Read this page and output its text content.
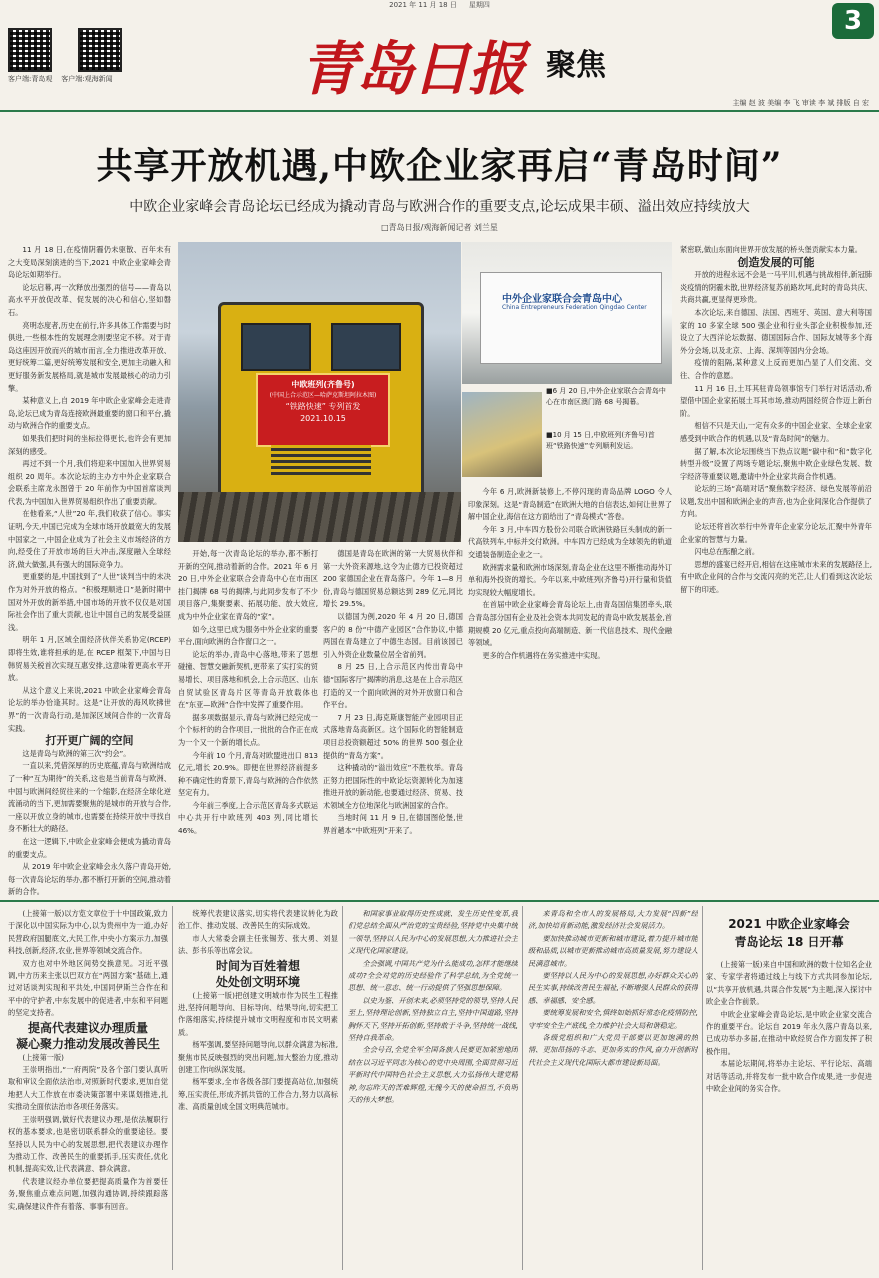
2021 年 11 月 18 日 星期四
客户端:青岛观 客户端:观海新闻	青岛日报 聚焦
3
主编 赵 波 美编 李 飞 审读 李 斌 排版 自 宏
共享开放机遇,中欧企业家再启“青岛时间”
中欧企业家峰会青岛论坛已经成为撬动青岛与欧洲合作的重要支点,论坛成果丰硕、溢出效应持续放大
□青岛日报/观海新闻记者 刘兰星

11 月 18 日,在疫情阴霾仍未驱散、百年未有之大变局深刻演进的当下,2021 中欧企业家峰会青岛论坛如期举行。

论坛启幕,再一次释放出强烈的信号——青岛以高水平开放促改革、促发展的决心和信心,坚如磐石。

亮明态度者,历史在前行,许多具体工作需要与时俱进,一些根本性的发展理念则要坚定不移。对于青岛这座因开放而兴的城市而言,全力推进改革开放、更好统筹二篇,更好统筹发展和安全,更加主动融入和更好服务新发展格局,就是城市发展最核心的动力引擎。

某种意义上,自 2019 年中欧企业家峰会走进青岛,论坛已成为青岛连接欧洲最重要的窗口和平台,撬动与欧洲合作的重要支点。

如果我们把时间的坐标拉得更长,也许会有更加深刻的感受。

再过不到一个月,我们将迎来中国加入世界贸易组织 20 周年。本次论坛的主办方中外企业家联合会联系主席龙永图曾于 20 年前作为中国首席谈判代表,为中国加入世界贸易组织作出了重要贡献。

在他看来,“人世”20 年,我们收获了信心。事实证明,今天,中国已完成为全球市场开放最宽大的发展中国家之一,中国企业成为了社会主义市场经济的方向,经受住了开放市场的巨大冲击,深度融入全球经济,做大做强,具有强大的国际竞争力。

更重要的是,中国找到了“人世”谈判当中的未决作为对外开放的格点。“积极理顺进口”是新时期中国对外开放的新举措,中国市场的开放不仅仅是对国际社会作出了重大贡献,也让中国自己的发展受益匪浅。

明年 1 月,区域全面经济伙伴关系协定(RCEP)即将生效,谁将担承的是,在 RCEP 框架下,中国与日韩贸易关税首次实现互惠安排,这意味着更高水平开放。

从这个意义上来说,2021 中欧企业家峰会青岛论坛的举办恰逢其时。这是“让开放的海风吹拂世界”的一次青岛行动,是加深区域间合作的一次青岛实践。

打开更广阔的空间

这是青岛与欧洲的第三次“约会”。

一直以来,凭借深厚的历史底蕴,青岛与欧洲结成了一种“互为期待”的关系,这也是当前青岛与欧洲、中国与欧洲间经贸往来的一个缩影,在经济全球化逆流涌动的当下,更加需要聚焦的是城市的开放与合作,一座以开放立身的城市,也需要在持续开放中寻找自身不断壮大的路径。

在这一逻辑下,中欧企业家峰会便成为撬动青岛的重要支点。

从 2019 年中欧企业家峰会永久落户青岛开始,每一次青岛论坛的举办,都不断打开新的空间,推动着新的合作。

中欧班列(齐鲁号)
(中国上合示范区—哈萨克斯坦阿拉木图)
“铁路快速” 专列首发
2021.10.15

开始,每一次青岛论坛的举办,都不断打开新的空间,推动着新的合作。2021 年 6 月 20 日,中外企业家联合会青岛中心在市南区挂门揭牌 68 号的揭牌,与此同步发布了不少项目落户,集聚要素、拓展功能、放大效应,成为中外企业家在青岛的“家”。

如今,这里已成为服务中外企业家的重要平台,面向欧洲的合作窗口之一。

论坛的举办,青岛中心落地,带来了思想碰撞、智慧交融新契机,更带来了实打实的贸易增长、项目落地和机会,上合示范区、山东自贸试验区青岛片区等青岛开放载体也在“东亚—欧洲”合作中发挥了重要作用。

据多项数据显示,青岛与欧洲已经完成一个个标杆的的合作项目,一批批的合作正在成为一个又一个新的增长点。

今年前 10 个月,青岛对欧盟进出口 813 亿元,增长 20.9%。即便在世界经济前提多种不确定性的背景下,青岛与欧洲的合作依然坚定有力。

今年前三季度,上合示范区青岛多式联运中心共开行中欧班列 403 列,同比增长 46%。

德国是青岛在欧洲的第一大贸易伙伴和第一大外资来源地,这令为止德方已投资超过 200 家德国企业在青岛落户。今年 1—8 月份,青岛与德国贸易总额达到 289 亿元,同比增长 29.5%。

以德国为例,2020 年 4 月 20 日,德国客户的 8 份“中德产业园区”合作协议,中德两国在青岛建立了中德生态园。目前该园已引入外资企业数量位居全省前列。

8 月 25 日,上合示范区内传出青岛中德“国际客厅”揭牌的消息,这是在上合示范区打造的又一个面向欧洲的对外开放窗口和合作平台。

7 月 23 日,海克斯康智能产业园项目正式落地青岛高新区。这个国际化的智能制造项目总投资额超过 50% 的世界 500 强企业提供的“青岛方案”。

这种撬动的“溢出效应”不胜枚举。青岛正努力把国际性的中欧论坛资源转化为加速推进开放的新动能,也要通过经济、贸易、技术领域全方位地深化与欧洲国家的合作。

当地时间 11 月 9 日,在德国图伦堡,世界首趟本“中欧班列”开来了。

中外企业家联合会青岛中心
China Entrepreneurs Federation Qingdao Center
■6 月 20 日,中外企业家联合会青岛中心在市南区澳门路 68 号揭幕。
■10 月 15 日,中欧班列(齐鲁号)首班“铁路快速”专列顺利发运。

今年 6 月,欧洲新装修上,不停闪现的青岛品牌 LOGO 令人印象深刻。这是“青岛制造”在欧洲大地的自信表达,如何让世界了解中国企业,海信在这方面给出了“青岛模式”答卷。

今年 3 月,中车四方股份公司联合欧洲铁路巨头制成的新一代高铁列车,中标并交付欧洲。中车四方已经成为全球领先的轨道交通装备制造企业之一。

欧洲需求量和欧洲市场深刻,青岛企业在这里不断推动海外订单和海外投资的增长。今年以来,中欧班列(齐鲁号)开行量和货值均实现较大幅度增长。

在首届中欧企业家峰会青岛论坛上,由青岛国信集团牵头,联合青岛部分国有企业及社会资本共同发起的青岛中欧发展基金,首期规模 20 亿元,重点投向高端制造、新一代信息技术、现代金融等领域。

更多的合作机遇将在务实推进中实现。

紧密联,做山东面向世界开放发展的桥头堡贡献实本力量。

创造发展的可能

开放的进程永远不会是一马平川,机遇与挑战相伴,新冠肺炎疫情的阴霾未散,世界经济复苏前路坎坷,此时的青岛共庆、共商共赢,更显得更珍贵。

本次论坛,来自德国、法国、西班牙、英国、意大利等国家的 10 多家全球 500 强企业和行业头部企业积极参加,还设立了大西洋论坛数据、德国国际合作、国际友城等多个海外分会场,以及北京、上海、深圳等国内分会场。

疫情的阻隔,某种意义上反而更加凸显了人们交流、交往、合作的意愿。

11 月 16 日,土耳其驻青岛领事馆专门举行对话活动,希望借中国企业家拓展土耳其市场,推动两国经贸合作迈上新台阶。

相信不只是天山,一定有众多的中国企业家、全球企业家感受到中欧合作的机遇,以及“青岛时间”的魅力。

据了解,本次论坛围绕当下热点议题“碳中和”和“数字化转型升级”设置了两场专题论坛,聚焦中欧企业绿色发展、数字经济等重要议题,邀请中外企业家共商合作机遇。

论坛的三场“高端对话”聚焦数字经济、绿色发展等前沿议题,发出中国和欧洲企业的声音,也为企业间深化合作提供了方向。

论坛还将首次举行中外青年企业家分论坛,汇聚中外青年企业家的智慧与力量。

闪电总在酝酿之前。

思想的盛宴已经开启,相信在这座城市未来的发展路径上,有中欧企业间的合作与交流闪亮的光芒,让人们看到这次论坛留下的印迹。

(上接第一版)以方览文章位于十中国政策,致力于深化以中国实际为中心,以为贵州中为一道,办好民营政府国腿底文,大民工作,中央小方案示力,加强科技,创新,经济,农业,世界等领域交流合作。

双方也对中外地区间势交换意见。习近平强调,中方历来主张以巴双方在“两国方案”基础上,通过对话谈判实现和平共处,中国同伊斯兰合作在和平中的守护者,中东发展中的促进者,中东和平问题的坚定支持者。

提高代表建议办理质量
凝心聚力推动发展改善民生

(上接第一版)

王崇明指出,“一府两院”及各个部门要认真听取和审议全面依法治市,对照新时代要求,更加自觉地把人大工作放在市委决策部署中来谋划推进,扎实推动全面依法治市各项任务落实。

王崇明强调,做好代表建议办理,是依法履职行权的基本要求,也是密切联系群众的重要途径。要坚持以人民为中心的发展思想,把代表建议办理作为推动工作、改善民生的重要抓手,压实责任,优化机制,提高实效,让代表满意、群众满意。

代表建议经办单位要把提高质量作为首要任务,聚焦重点难点问题,加强沟通协调,持续跟踪落实,确保建议件件有着落、事事有回音。

统筹代表建议落实,切实将代表建议转化为政治工作、推动发展、改善民生的实际成效。

市人大常委会副主任张锡芳、张大勇、刘显法、彭书乐等出席会议。

时间为百姓着想
处处创文明环境

(上接第一版)把创建文明城市作为民生工程推进,坚持问题导向、目标导向、结果导向,切实把工作落细落实,持续提升城市文明程度和市民文明素质。

杨军强调,要坚持问题导向,以群众满意为标准,聚焦市民反映强烈的突出问题,加大整治力度,推动创建工作向纵深发展。

杨军要求,全市各级各部门要提高站位,加强统筹,压实责任,形成齐抓共管的工作合力,努力以高标准、高质量创成全国文明典范城市。

和国家事业取得历史性成就、发生历史性变革,我们党总结全面从严治党的宝贵经验,坚持党中央集中统一领导,坚持以人民为中心的发展思想,大力推进社会主义现代化国家建设。

全会强调,中国共产党为什么能成功,怎样才能继续成功?全会对党的历史经验作了科学总结,为全党统一思想、统一意志、统一行动提供了坚强思想保障。

以史为鉴、开创未来,必须坚持党的领导,坚持人民至上,坚持理论创新,坚持独立自主,坚持中国道路,坚持胸怀天下,坚持开拓创新,坚持敢于斗争,坚持统一战线,坚持自我革命。

全会号召,全党全军全国各族人民要更加紧密地团结在以习近平同志为核心的党中央周围,全面贯彻习近平新时代中国特色社会主义思想,大力弘扬伟大建党精神,勿忘昨天的苦难辉煌,无愧今天的使命担当,不负明天的伟大梦想。

来青岛和全市人的发展格局,大力发展“四新”经济,加快培育新动能,激发经济社会发展活力。

要加快推动城市更新和城市建设,着力提升城市能级和品质,以城市更新推动城市高质量发展,努力建设人民满意城市。

要坚持以人民为中心的发展思想,办好群众关心的民生实事,持续改善民生福祉,不断增强人民群众的获得感、幸福感、安全感。

要统筹发展和安全,慎终如始抓好常态化疫情防控,守牢安全生产底线,全力维护社会大局和谐稳定。

各级党组织和广大党员干部要以更加饱满的热情、更加昂扬的斗志、更加务实的作风,奋力开创新时代社会主义现代化国际大都市建设新局面。

2021 中欧企业家峰会
青岛论坛 18 日开幕

(上接第一版)来自中国和欧洲的数十位知名企业家、专家学者将通过线上与线下方式共同参加论坛,以“共享开放机遇,共谋合作发展”为主题,深入探讨中欧企业合作前景。

中欧企业家峰会青岛论坛,是中欧企业家交流合作的重要平台。论坛自 2019 年永久落户青岛以来,已成功举办多届,在推动中欧经贸合作方面发挥了积极作用。

本届论坛期间,将举办主论坛、平行论坛、高端对话等活动,并将发布一批中欧合作成果,进一步促进中欧企业间的务实合作。
